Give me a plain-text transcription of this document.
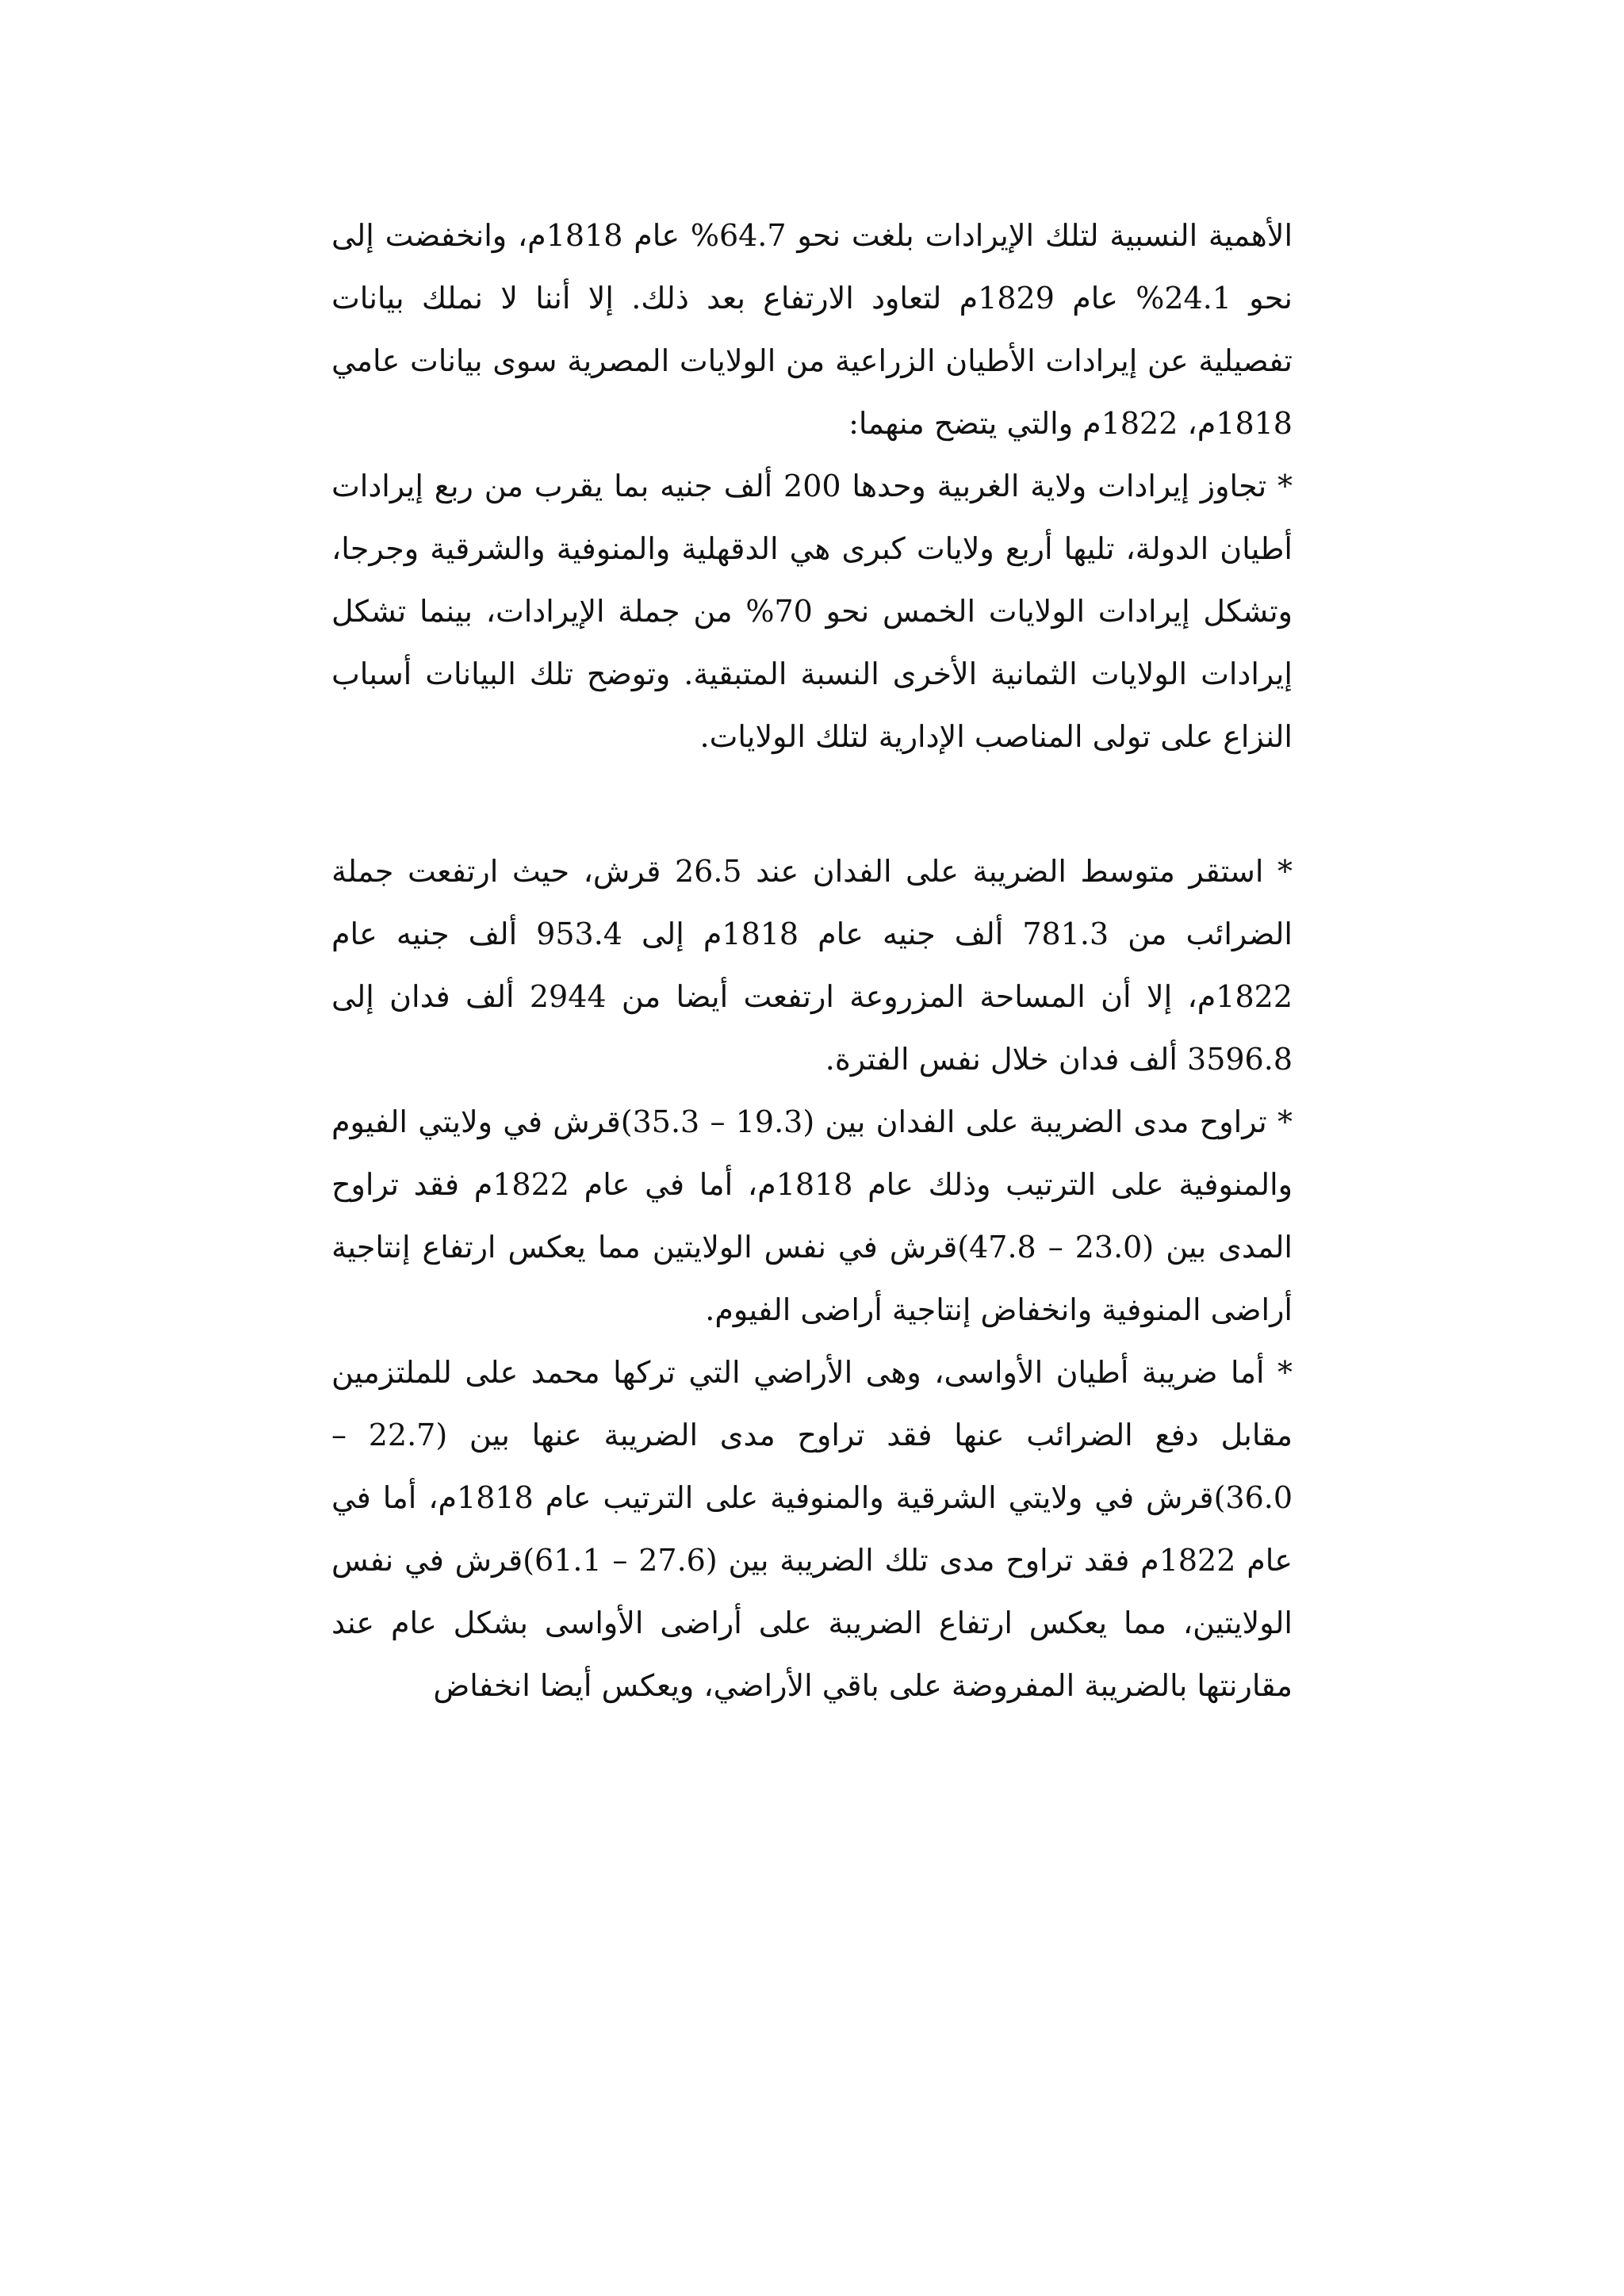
الأهمية النسبية لتلك الإيرادات بلغت نحو 64.7% عام 1818م، وانخفضت إلى نحو 24.1% عام 1829م لتعاود الارتفاع بعد ذلك. إلا أننا لا نملك بيانات تفصيلية عن إيرادات الأطيان الزراعية من الولايات المصرية سوى بيانات عامي 1818م، 1822م والتي يتضح منهما:

* تجاوز إيرادات ولاية الغربية وحدها 200 ألف جنيه بما يقرب من ربع إيرادات أطيان الدولة، تليها أربع ولايات كبرى هي الدقهلية والمنوفية والشرقية وجرجا، وتشكل إيرادات الولايات الخمس نحو 70% من جملة الإيرادات، بينما تشكل إيرادات الولايات الثمانية الأخرى النسبة المتبقية. وتوضح تلك البيانات أسباب النزاع على تولى المناصب الإدارية لتلك الولايات.

* استقر متوسط الضريبة على الفدان عند 26.5 قرش، حيث ارتفعت جملة الضرائب من 781.3 ألف جنيه عام 1818م إلى 953.4 ألف جنيه عام 1822م، إلا أن المساحة المزروعة ارتفعت أيضا من 2944 ألف فدان إلى 3596.8 ألف فدان خلال نفس الفترة.

* تراوح مدى الضريبة على الفدان بين (19.3 – 35.3)قرش في ولايتي الفيوم والمنوفية على الترتيب وذلك عام 1818م، أما في عام 1822م فقد تراوح المدى بين (23.0 – 47.8)قرش في نفس الولايتين مما يعكس ارتفاع إنتاجية أراضى المنوفية وانخفاض إنتاجية أراضى الفيوم.

* أما ضريبة أطيان الأواسى، وهى الأراضي التي تركها محمد على للملتزمين مقابل دفع الضرائب عنها فقد تراوح مدى الضريبة عنها بين (22.7 – 36.0)قرش في ولايتي الشرقية والمنوفية على الترتيب عام 1818م، أما في عام 1822م فقد تراوح مدى تلك الضريبة بين (27.6 – 61.1)قرش في نفس الولايتين، مما يعكس ارتفاع الضريبة على أراضى الأواسى بشكل عام عند مقارنتها بالضريبة المفروضة على باقي الأراضي، ويعكس أيضا انخفاض
